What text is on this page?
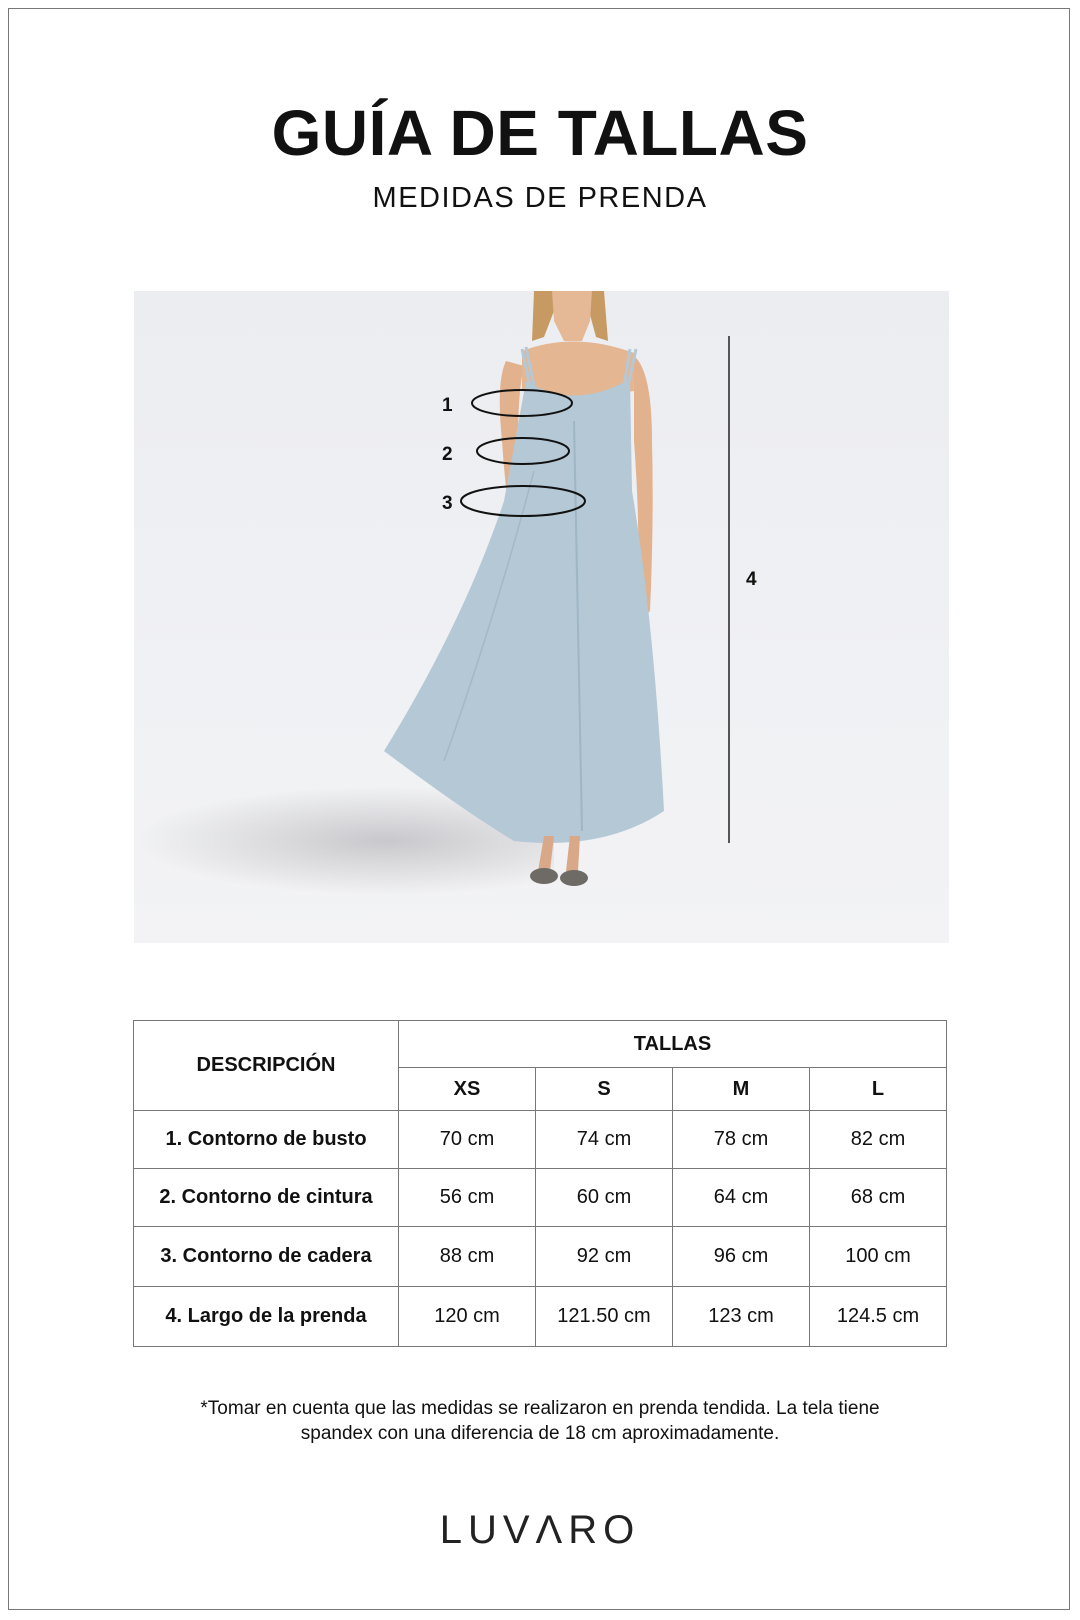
GUÍA DE TALLAS
MEDIDAS DE PRENDA
1
2
3
4
DESCRIPCIÓN	TALLAS			
	XS	S	M	L
1. Contorno de busto	70 cm	74 cm	78 cm	82 cm
2. Contorno de cintura	56 cm	60 cm	64 cm	68 cm
3. Contorno de cadera	88 cm	92 cm	96 cm	100 cm
4. Largo de la prenda	120 cm	121.50 cm	123 cm	124.5 cm
*Tomar en cuenta que las medidas se realizaron en prenda tendida. La tela tiene
spandex con una diferencia de 18 cm aproximadamente.
LUVΛRO
